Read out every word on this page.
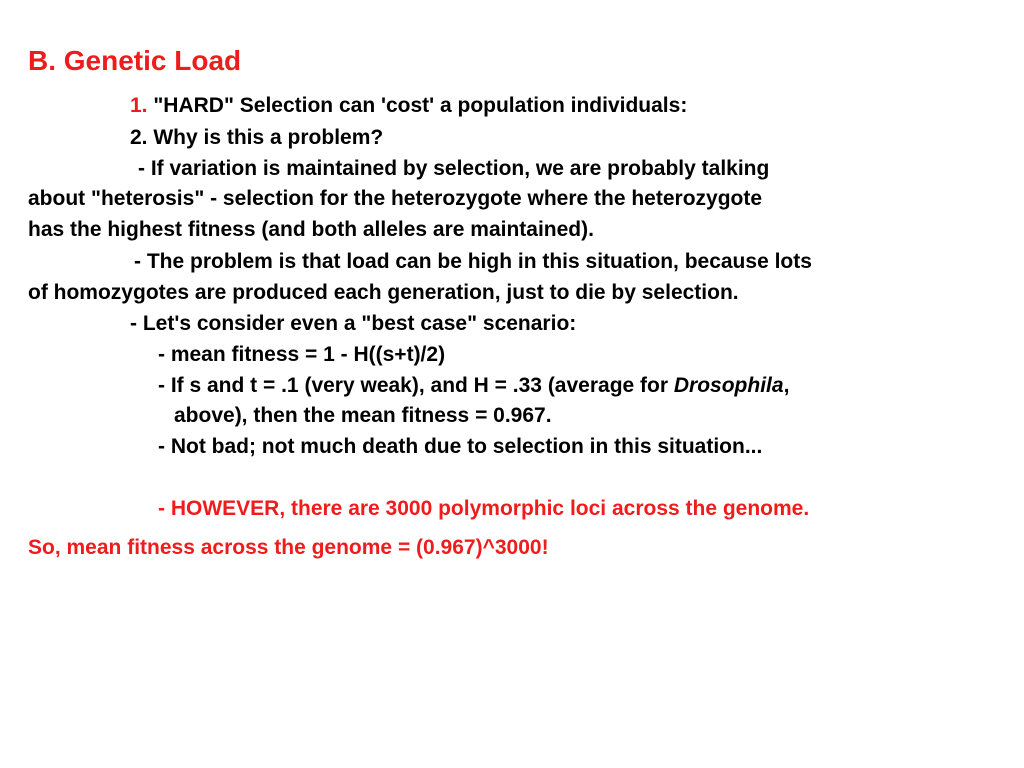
B. Genetic Load
1. "HARD" Selection can 'cost' a population individuals:
2. Why is this a problem?
- If variation is maintained by selection, we are probably talking
about "heterosis" - selection for the heterozygote where the heterozygote
has the highest fitness (and both alleles are maintained).
- The problem is that load can be high in this situation, because lots
of homozygotes are produced each generation, just to die by selection.
- Let's consider even a "best case" scenario:
- mean fitness = 1 - H((s+t)/2)
- If s and t = .1 (very weak), and H = .33 (average for Drosophila,
above), then the mean fitness = 0.967.
- Not bad; not much death due to selection in this situation...
- HOWEVER, there are 3000 polymorphic loci across the genome.
So, mean fitness across the genome = (0.967)^3000!
